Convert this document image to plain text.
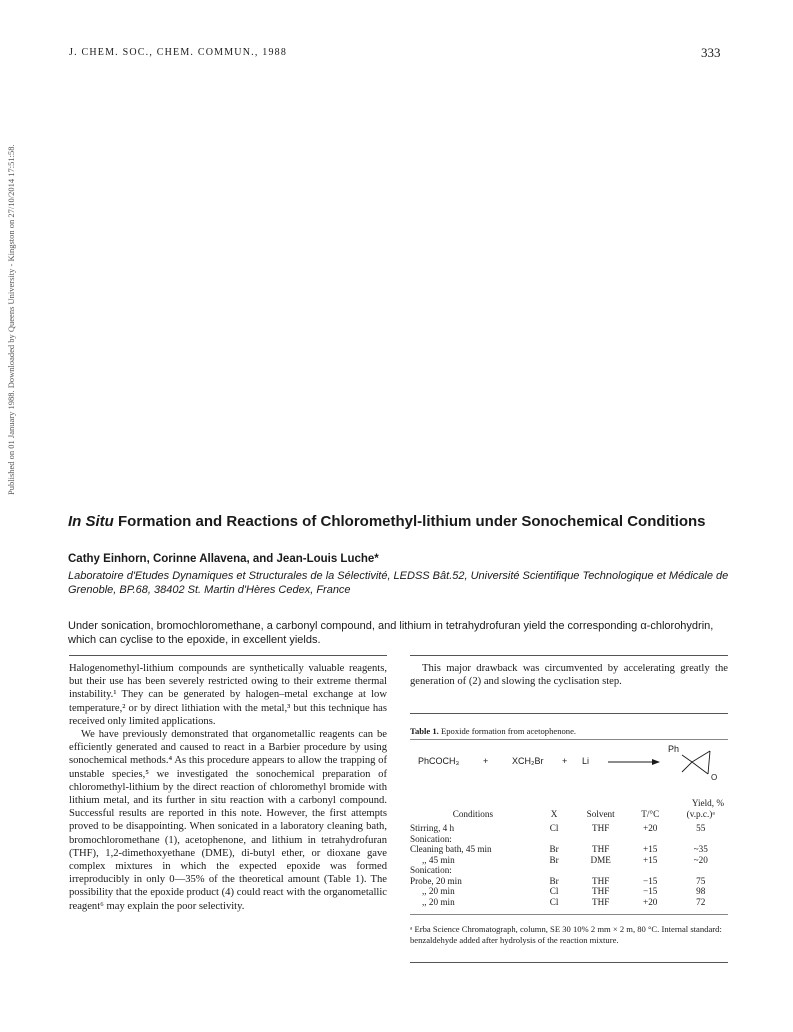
J. CHEM. SOC., CHEM. COMMUN., 1988	333
Published on 01 January 1988. Downloaded by Queens University - Kingston on 27/10/2014 17:51:58.
In Situ Formation and Reactions of Chloromethyl-lithium under Sonochemical Conditions
Cathy Einhorn, Corinne Allavena, and Jean-Louis Luche*
Laboratoire d'Etudes Dynamiques et Structurales de la Sélectivité, LEDSS Bât.52, Université Scientifique Technologique et Médicale de Grenoble, BP.68, 38402 St. Martin d'Hères Cedex, France
Under sonication, bromochloromethane, a carbonyl compound, and lithium in tetrahydrofuran yield the corresponding α-chlorohydrin, which can cyclise to the epoxide, in excellent yields.

Halogenomethyl-lithium compounds are synthetically valuable reagents, but their use has been severely restricted owing to their extreme thermal instability.¹ They can be generated by halogen–metal exchange at low temperature,² or by direct lithiation with the metal,³ but this technique has received only limited applications.

We have previously demonstrated that organometallic reagents can be efficiently generated and caused to react in a Barbier procedure by using sonochemical methods.⁴ As this procedure appears to allow the trapping of unstable species,⁵ we investigated the sonochemical preparation of chloromethyl-lithium by the direct reaction of chloromethyl bromide with lithium metal, and its further in situ reaction with a carbonyl compound. Successful results are reported in this note. However, the first attempts proved to be disappointing. When sonicated in a laboratory cleaning bath, bromochloromethane (1), acetophenone, and lithium in tetrahydrofuran (THF), 1,2-dimethoxyethane (DME), di-butyl ether, or dioxane gave complex mixtures in which the expected epoxide was formed irreproducibly in only 0—35% of the theoretical amount (Table 1). The possibility that the epoxide product (4) could react with the organometallic reagent⁶ may explain the poor selectivity.

This major drawback was circumvented by accelerating greatly the generation of (2) and slowing the cyclisation step.

Table 1. Epoxide formation from acetophenone.
PhCOCH₃	+	XCH₂Br + Li
Ph
O
Conditions	X	Solvent	T/°C	Yield, %
(v.p.c.)ᵃ

Stirring, 4 h	Cl	THF	+20	55
Sonication:				
Cleaning bath, 45 min	Br	THF	+15	~35
,, 45 min	Br	DME	+15	~20
Sonication:				
Probe, 20 min	Br	THF	−15	75
,, 20 min	Cl	THF	−15	98
,, 20 min	Cl	THF	+20	72
ᵃ Erba Science Chromatograph, column, SE 30 10% 2 mm × 2 m, 80 °C. Internal standard: benzaldehyde added after hydrolysis of the reaction mixture.
